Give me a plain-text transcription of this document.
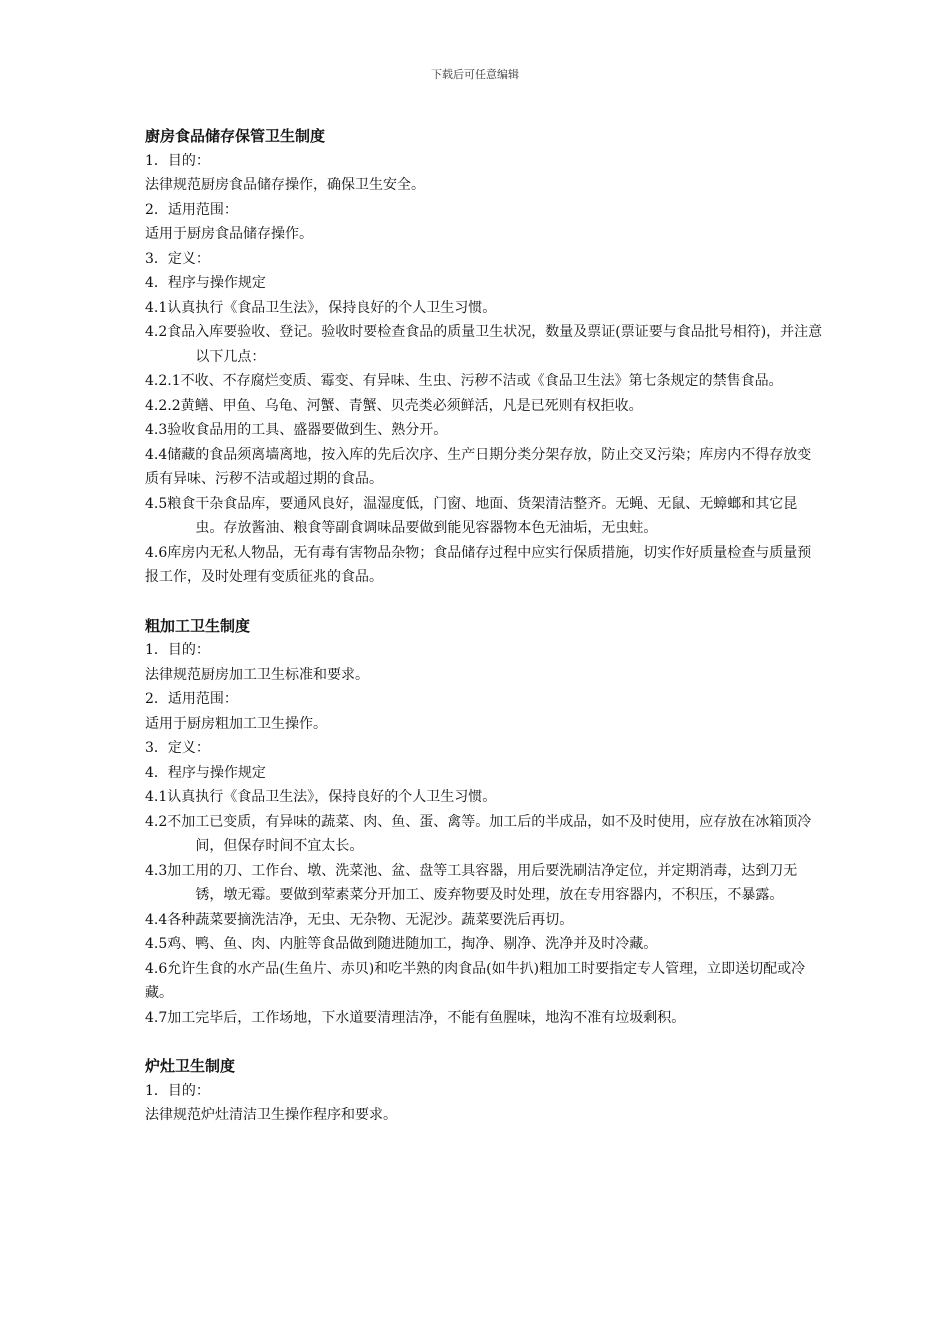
下载后可任意编辑
廚房食品储存保管卫生制度
1．目的：
法律规范厨房食品储存操作，确保卫生安全。
2．适用范围：
适用于厨房食品储存操作。
3．定义：
4．程序与操作规定
4.1认真执行《食品卫生法》，保持良好的个人卫生习惯。
4.2食品入库要验收、登记。验收时要检查食品的质量卫生状况，数量及票证(票证要与食品批号相符)，并注意以下几点：
4.2.1不收、不存腐烂变质、霉变、有异味、生虫、污秽不洁或《食品卫生法》第七条规定的禁售食品。
4.2.2黄鳝、甲鱼、乌龟、河蟹、青蟹、贝壳类必须鲜活，凡是已死则有权拒收。
4.3验收食品用的工具、盛器要做到生、熟分开。
4.4储藏的食品须离墙离地，按入库的先后次序、生产日期分类分架存放，防止交叉污染；库房内不得存放变质有异味、污秽不洁或超过期的食品。
4.5粮食干杂食品库，要通风良好，温湿度低，门窗、地面、货架清洁整齐。无蝇、无鼠、无蟑螂和其它昆虫。存放酱油、粮食等副食调味品要做到能见容器物本色无油垢，无虫蛀。
4.6库房内无私人物品，无有毒有害物品杂物；食品储存过程中应实行保质措施，切实作好质量检查与质量预报工作，及时处理有变质征兆的食品。
粗加工卫生制度
1．目的：
法律规范厨房加工卫生标准和要求。
2．适用范围：
适用于厨房粗加工卫生操作。
3．定义：
4．程序与操作规定
4.1认真执行《食品卫生法》，保持良好的个人卫生习惯。
4.2不加工已变质，有异味的蔬菜、肉、鱼、蛋、禽等。加工后的半成品，如不及时使用，应存放在冰箱顶冷间，但保存时间不宜太长。
4.3加工用的刀、工作台、墩、洗菜池、盆、盘等工具容器，用后要洗刷洁净定位，并定期消毒，达到刀无锈，墩无霉。要做到荤素菜分开加工、废弃物要及时处理，放在专用容器内，不积压，不暴露。
4.4各种蔬菜要摘洗洁净，无虫、无杂物、无泥沙。蔬菜要洗后再切。
4.5鸡、鸭、鱼、肉、内脏等食品做到随进随加工，掏净、剔净、洗净并及时冷藏。
4.6允许生食的水产品(生鱼片、赤贝)和吃半熟的肉食品(如牛扒)粗加工时要指定专人管理，立即送切配或冷藏。
4.7加工完毕后，工作场地，下水道要清理洁净，不能有鱼腥味，地沟不准有垃圾剩积。
炉灶卫生制度
1．目的：
法律规范炉灶清洁卫生操作程序和要求。
